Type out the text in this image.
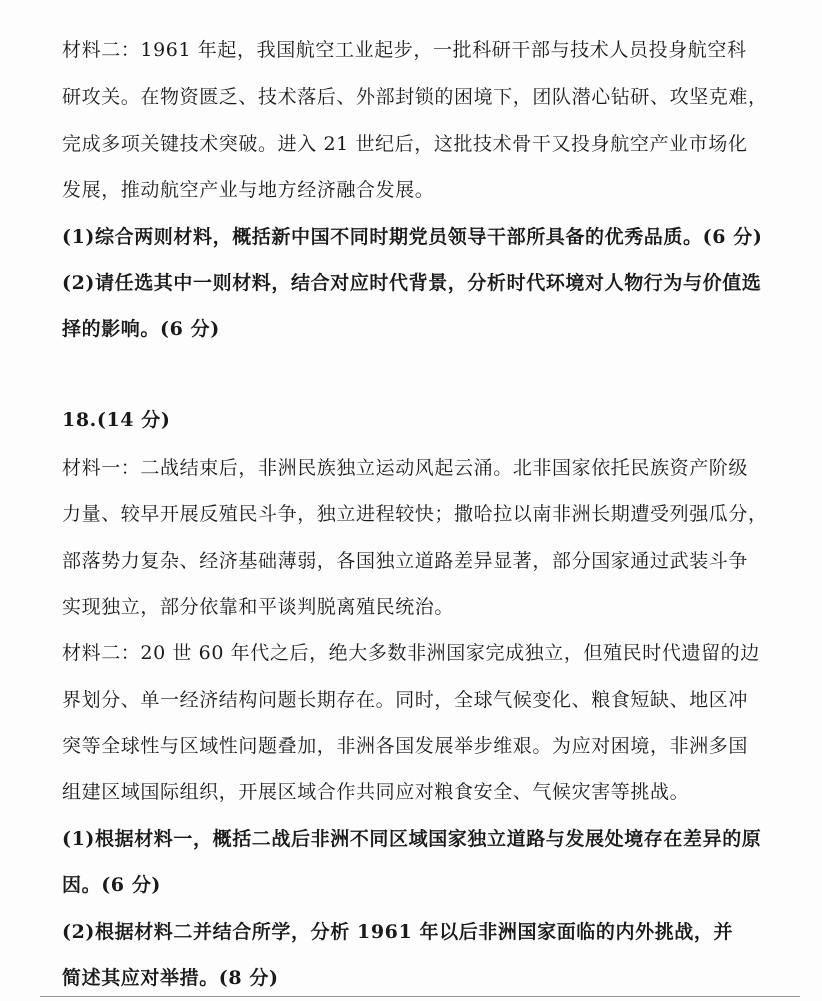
材料二：1961 年起，我国航空工业起步，一批科研干部与技术人员投身航空科
研攻关。在物资匮乏、技术落后、外部封锁的困境下，团队潜心钻研、攻坚克难，
完成多项关键技术突破。进入 21 世纪后，这批技术骨干又投身航空产业市场化
发展，推动航空产业与地方经济融合发展。
(1)综合两则材料，概括新中国不同时期党员领导干部所具备的优秀品质。(6 分)
(2)请任选其中一则材料，结合对应时代背景，分析时代环境对人物行为与价值选
择的影响。(6 分)
18.(14 分)
材料一：二战结束后，非洲民族独立运动风起云涌。北非国家依托民族资产阶级
力量、较早开展反殖民斗争，独立进程较快；撒哈拉以南非洲长期遭受列强瓜分，
部落势力复杂、经济基础薄弱，各国独立道路差异显著，部分国家通过武装斗争
实现独立，部分依靠和平谈判脱离殖民统治。
材料二：20 世 60 年代之后，绝大多数非洲国家完成独立，但殖民时代遗留的边
界划分、单一经济结构问题长期存在。同时，全球气候变化、粮食短缺、地区冲
突等全球性与区域性问题叠加，非洲各国发展举步维艰。为应对困境，非洲多国
组建区域国际组织，开展区域合作共同应对粮食安全、气候灾害等挑战。
(1)根据材料一，概括二战后非洲不同区域国家独立道路与发展处境存在差异的原
因。(6 分)
(2)根据材料二并结合所学，分析 1961 年以后非洲国家面临的内外挑战，并
简述其应对举措。(8 分)
